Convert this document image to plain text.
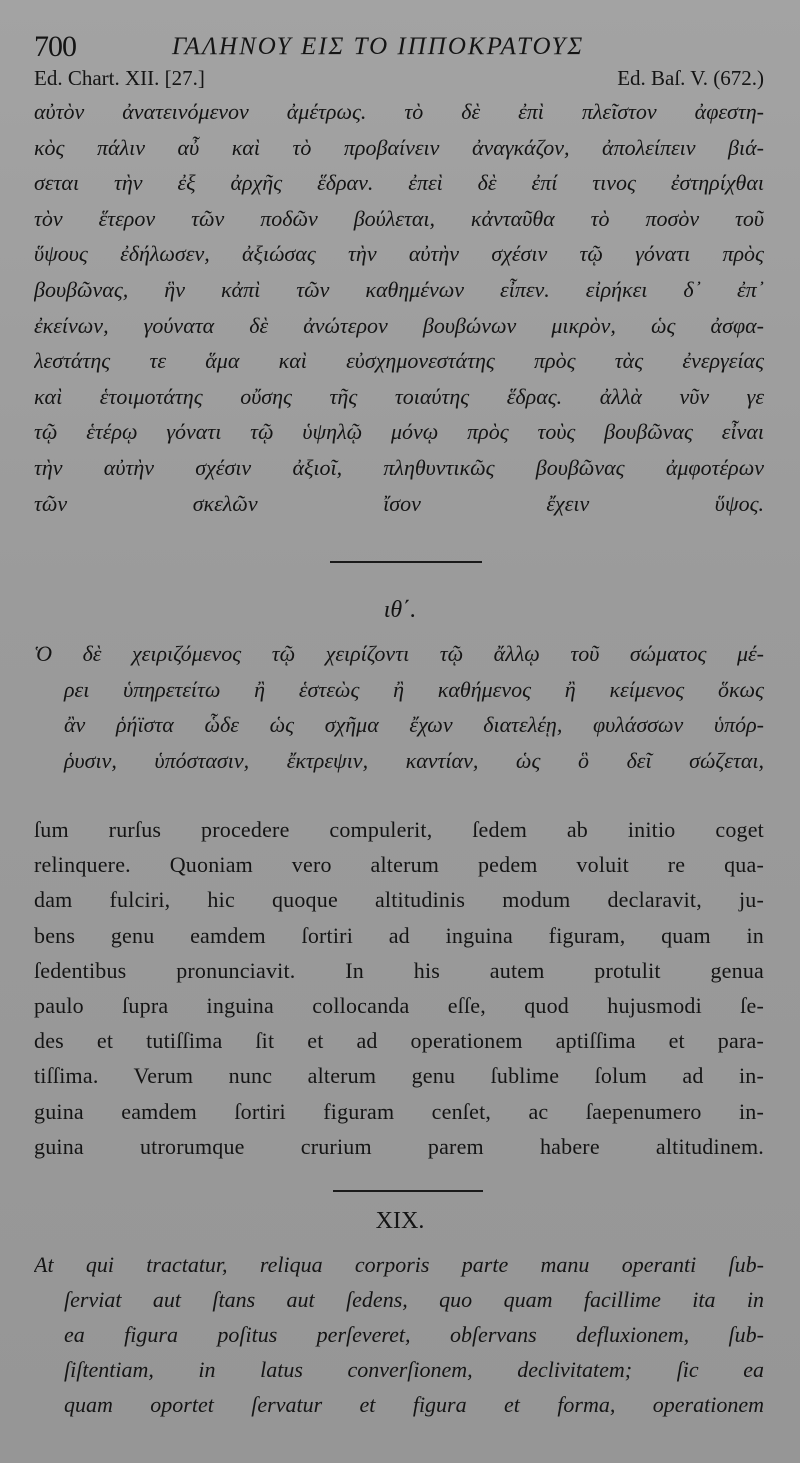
700	ΓΑΛΗΝΟΥ ΕΙΣ ΤΟ ΙΠΠΟΚΡΑΤΟΥΣ
Ed. Chart. XII. [27.]	Ed. Baſ. V. (672.)
αὐτὸν ἀνατεινόμενον ἀμέτρως. τὸ δὲ ἐπὶ πλεῖστον ἀφεστη-
κὸς πάλιν αὖ καὶ τὸ προβαίνειν ἀναγκάζον, ἀπολείπειν βιά-
σεται τὴν ἐξ ἀρχῆς ἕδραν. ἐπεὶ δὲ ἐπί τινος ἐστηρίχθαι
τὸν ἕτερον τῶν ποδῶν βούλεται, κἀνταῦθα τὸ ποσὸν τοῦ
ὕψους ἐδήλωσεν, ἀξιώσας τὴν αὐτὴν σχέσιν τῷ γόνατι πρὸς
βουβῶνας, ἣν κἀπὶ τῶν καθημένων εἶπεν. εἰρήκει δ᾽ ἐπ᾽
ἐκείνων, γούνατα δὲ ἀνώτερον βουβώνων μικρὸν, ὡς ἀσφα-
λεστάτης τε ἅμα καὶ εὐσχημονεστάτης πρὸς τὰς ἐνεργείας
καὶ ἑτοιμοτάτης οὔσης τῆς τοιαύτης ἕδρας. ἀλλὰ νῦν γε
τῷ ἑτέρῳ γόνατι τῷ ὑψηλῷ μόνῳ πρὸς τοὺς βουβῶνας εἶναι
τὴν αὐτὴν σχέσιν ἀξιοῖ, πληθυντικῶς βουβῶνας ἀμφοτέρων
τῶν σκελῶν ἴσον ἔχειν ὕψος.
ιθ΄.
Ὁ δὲ χειριζόμενος τῷ χειρίζοντι τῷ ἄλλῳ τοῦ σώματος μέ-
ρει ὑπηρετείτω ἢ ἑστεὼς ἢ καθήμενος ἢ κείμενος ὅκως
ἂν ῥήϊστα ὧδε ὡς σχῆμα ἔχων διατελέῃ, φυλάσσων ὑπόρ-
ῥυσιν, ὑπόστασιν, ἔκτρεψιν, καντίαν, ὡς ὃ δεῖ σώζεται,
ſum rurſus procedere compulerit, ſedem ab initio coget
relinquere. Quoniam vero alterum pedem voluit re qua-
dam fulciri, hic quoque altitudinis modum declaravit, ju-
bens genu eamdem ſortiri ad inguina figuram, quam in
ſedentibus pronunciavit. In his autem protulit genua
paulo ſupra inguina collocanda eſſe, quod hujusmodi ſe-
des et tutiſſima ſit et ad operationem aptiſſima et para-
tiſſima. Verum nunc alterum genu ſublime ſolum ad in-
guina eamdem ſortiri figuram cenſet, ac ſaepenumero in-
guina utrorumque crurium parem habere altitudinem.
XIX.
At qui tractatur, reliqua corporis parte manu operanti ſub-
ſerviat aut ſtans aut ſedens, quo quam facillime ita in
ea figura poſitus perſeveret, obſervans defluxionem, ſub-
ſiſtentiam, in latus converſionem, declivitatem; ſic ea
quam oportet ſervatur et figura et forma, operationem
